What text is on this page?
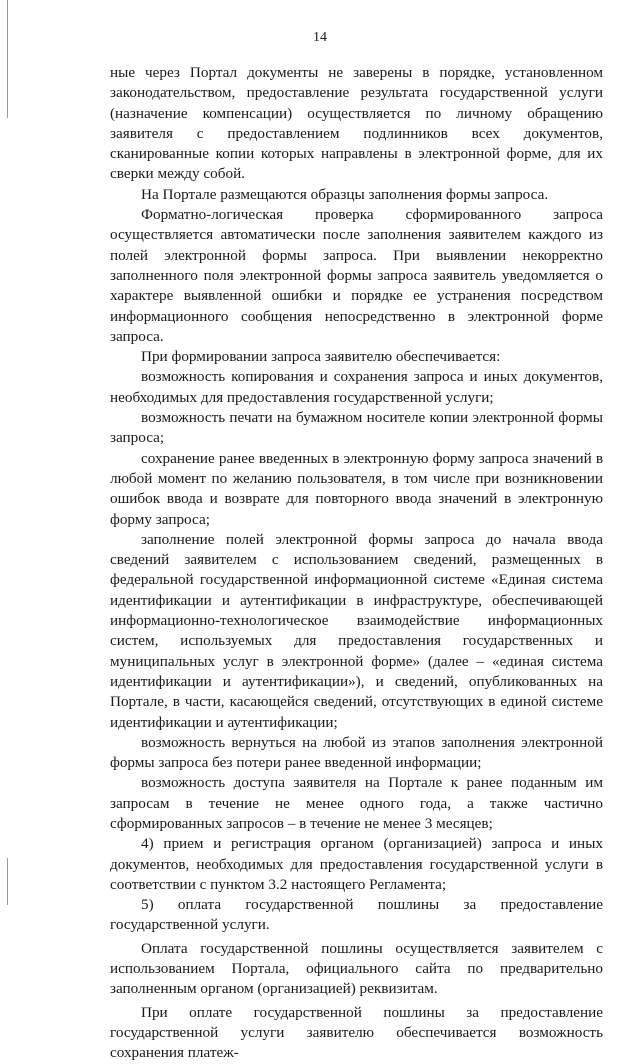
14

ные через Портал документы не заверены в порядке, установленном законодательством, предоставление результата государственной услуги (назначение компенсации) осуществляется по личному обращению заявителя с предоставлением подлинников всех документов, сканированные копии которых направлены в электронной форме, для их сверки между собой.

На Портале размещаются образцы заполнения формы запроса.

Форматно-логическая проверка сформированного запроса осуществляется автоматически после заполнения заявителем каждого из полей электронной формы запроса. При выявлении некорректно заполненного поля электронной формы запроса заявитель уведомляется о характере выявленной ошибки и порядке ее устранения посредством информационного сообщения непосредственно в электронной форме запроса.

При формировании запроса заявителю обеспечивается:

возможность копирования и сохранения запроса и иных документов, необходимых для предоставления государственной услуги;

возможность печати на бумажном носителе копии электронной формы запроса;

сохранение ранее введенных в электронную форму запроса значений в любой момент по желанию пользователя, в том числе при возникновении ошибок ввода и возврате для повторного ввода значений в электронную форму запроса;

заполнение полей электронной формы запроса до начала ввода сведений заявителем с использованием сведений, размещенных в федеральной государственной информационной системе «Единая система идентификации и аутентификации в инфраструктуре, обеспечивающей информационно-технологическое взаимодействие информационных систем, используемых для предоставления государственных и муниципальных услуг в электронной форме» (далее – «единая система идентификации и аутентификации»), и сведений, опубликованных на Портале, в части, касающейся сведений, отсутствующих в единой системе идентификации и аутентификации;

возможность вернуться на любой из этапов заполнения электронной формы запроса без потери ранее введенной информации;

возможность доступа заявителя на Портале к ранее поданным им запросам в течение не менее одного года, а также частично сформированных запросов – в течение не менее 3 месяцев;

4) прием и регистрация органом (организацией) запроса и иных документов, необходимых для предоставления государственной услуги в соответствии с пунктом 3.2 настоящего Регламента;

5) оплата государственной пошлины за предоставление государственной услуги.

Оплата государственной пошлины осуществляется заявителем с использованием Портала, официального сайта по предварительно заполненным органом (организацией) реквизитам.

При оплате государственной пошлины за предоставление государственной услуги заявителю обеспечивается возможность сохранения платеж-
